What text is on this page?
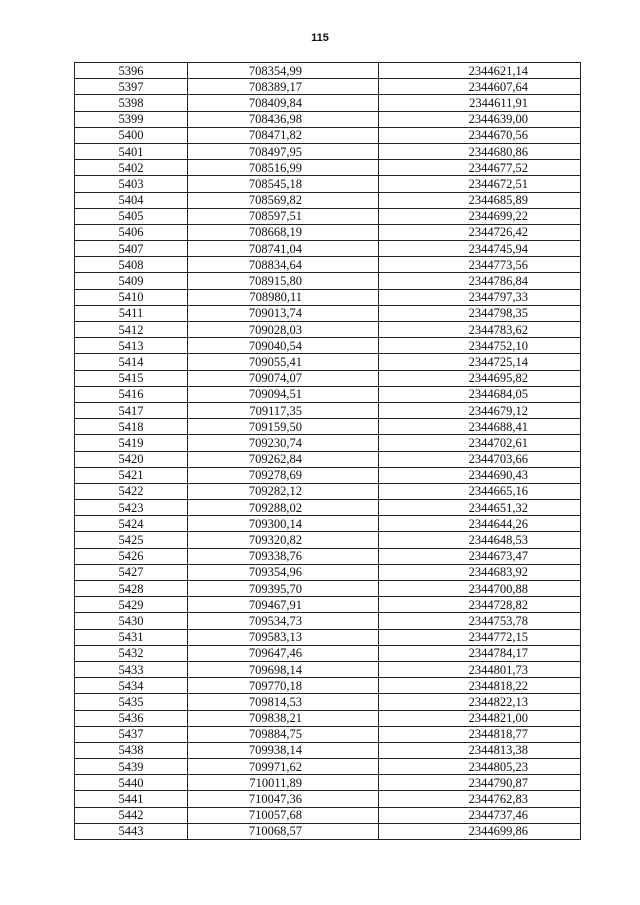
115
5396	708354,99	2344621,14
5397	708389,17	2344607,64
5398	708409,84	2344611,91
5399	708436,98	2344639,00
5400	708471,82	2344670,56
5401	708497,95	2344680,86
5402	708516,99	2344677,52
5403	708545,18	2344672,51
5404	708569,82	2344685,89
5405	708597,51	2344699,22
5406	708668,19	2344726,42
5407	708741,04	2344745,94
5408	708834,64	2344773,56
5409	708915,80	2344786,84
5410	708980,11	2344797,33
5411	709013,74	2344798,35
5412	709028,03	2344783,62
5413	709040,54	2344752,10
5414	709055,41	2344725,14
5415	709074,07	2344695,82
5416	709094,51	2344684,05
5417	709117,35	2344679,12
5418	709159,50	2344688,41
5419	709230,74	2344702,61
5420	709262,84	2344703,66
5421	709278,69	2344690,43
5422	709282,12	2344665,16
5423	709288,02	2344651,32
5424	709300,14	2344644,26
5425	709320,82	2344648,53
5426	709338,76	2344673,47
5427	709354,96	2344683,92
5428	709395,70	2344700,88
5429	709467,91	2344728,82
5430	709534,73	2344753,78
5431	709583,13	2344772,15
5432	709647,46	2344784,17
5433	709698,14	2344801,73
5434	709770,18	2344818,22
5435	709814,53	2344822,13
5436	709838,21	2344821,00
5437	709884,75	2344818,77
5438	709938,14	2344813,38
5439	709971,62	2344805,23
5440	710011,89	2344790,87
5441	710047,36	2344762,83
5442	710057,68	2344737,46
5443	710068,57	2344699,86
